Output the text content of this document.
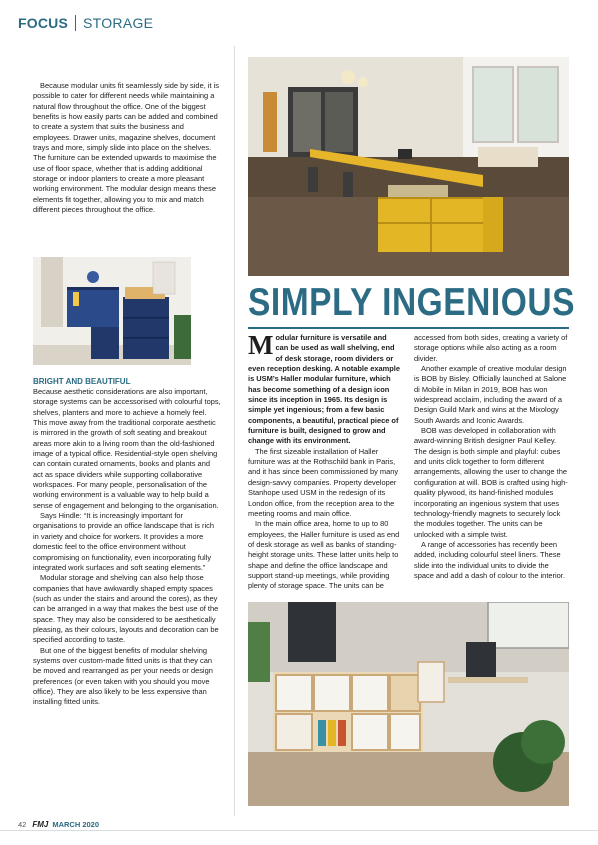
FOCUS STORAGE

Because modular units fit seamlessly side by side, it is possible to cater for different needs while maintaining a natural flow throughout the office. One of the biggest benefits is how easily parts can be added and combined to create a system that suits the business and employees. Drawer units, magazine shelves, document trays and more, simply slide into place on the shelves. The furniture can be extended upwards to maximise the use of floor space, whether that is adding additional storage or indoor planters to create a more pleasant working environment. The modular design means these elements fit together, allowing you to mix and match different pieces throughout the office.

BRIGHT AND BEAUTIFUL

Because aesthetic considerations are also important, storage systems can be accessorised with colourful tops, shelves, planters and more to achieve a homely feel. This move away from the traditional corporate aesthetic is mirrored in the growth of soft seating and breakout areas more akin to a living room than the old-fashioned image of a typical office. Residential-style open shelving can contain curated ornaments, books and plants and act as space dividers while supporting collaborative workspaces. For many people, personalisation of the working environment is a valuable way to help build a sense of engagement and belonging to the organisation.

Says Hindle: “It is increasingly important for organisations to provide an office landscape that is rich in variety and choice for workers. It provides a more domestic feel to the office environment without compromising on functionality, even incorporating fully integrated work surfaces and soft seating elements.”

Modular storage and shelving can also help those companies that have awkwardly shaped empty spaces (such as under the stairs and around the cores), as they can be arranged in a way that makes the best use of the space. They may also be considered to be aesthetically pleasing, as their colours, layouts and decoration can be specified according to taste.

But one of the biggest benefits of modular shelving systems over custom-made fitted units is that they can be moved and rearranged as per your needs or design preferences (or even taken with you should you move office). They are also likely to be less expensive than installing fitted units.

SIMPLY INGENIOUS

Modular furniture is versatile and can be used as wall shelving, end of desk storage, room dividers or even reception desking. A notable example is USM’s Haller modular furniture, which has become something of a design icon since its inception in 1965. Its design is simple yet ingenious; from a few basic components, a beautiful, practical piece of furniture is built, designed to grow and change with its environment.

The first sizeable installation of Haller furniture was at the Rothschild bank in Paris, and it has since been commissioned by many design-savvy companies. Property developer Stanhope used USM in the redesign of its London office, from the reception area to the meeting rooms and main office.

In the main office area, home to up to 80 employees, the Haller furniture is used as end of desk storage as well as banks of standing-height storage units. These latter units help to shape and define the office landscape and support stand-up meetings, while providing plenty of storage space. The units can be

accessed from both sides, creating a variety of storage options while also acting as a room divider.

Another example of creative modular design is BOB by Bisley. Officially launched at Salone di Mobile in Milan in 2019, BOB has won widespread acclaim, including the award of a Design Guild Mark and wins at the Mixology South Awards and Iconic Awards.

BOB was developed in collaboration with award-winning British designer Paul Kelley. The design is both simple and playful: cubes and units click together to form different arrangements, allowing the user to change the configuration at will. BOB is crafted using high-quality plywood, its hand-finished modules incorporating an ingenious system that uses technology-friendly magnets to securely lock the modules together. The units can be unlocked with a simple twist.

A range of accessories has recently been added, including colourful steel liners. These slide into the individual units to divide the space and add a dash of colour to the interior.

42 FMJ MARCH 2020
